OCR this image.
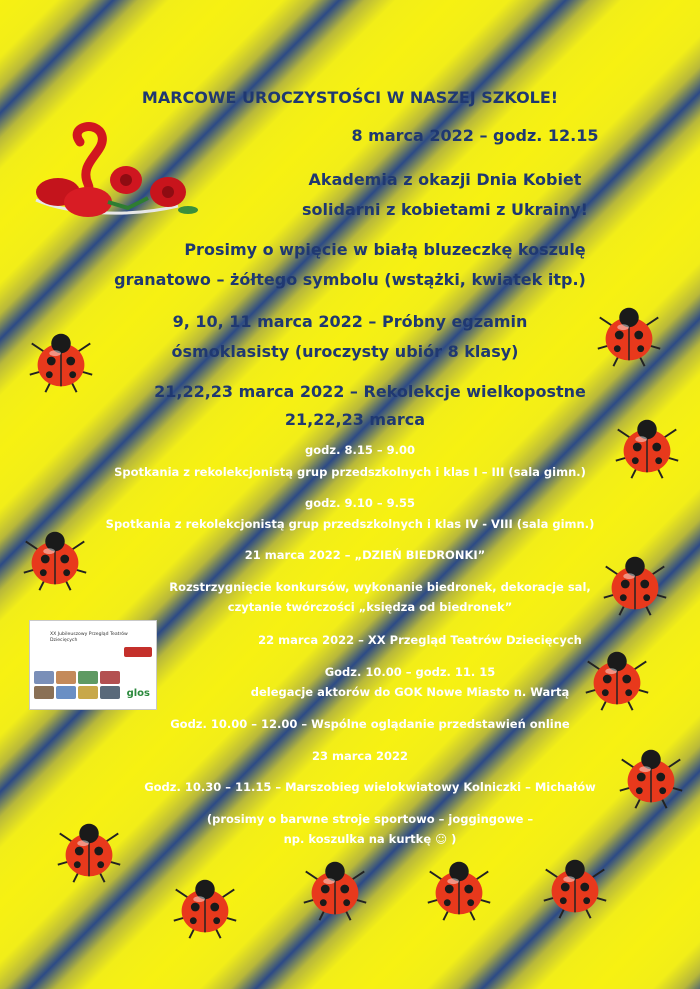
MARCOWE UROCZYSTOŚCI W NASZEJ SZKOLE!
8 marca 2022 – godz. 12.15
Akademia z okazji Dnia Kobiet
solidarni z kobietami z Ukrainy!
Prosimy o wpięcie w białą bluzeczkę koszulę
granatowo – żółtego symbolu (wstążki, kwiatek itp.)
9, 10, 11 marca 2022 – Próbny egzamin
ósmoklasisty (uroczysty ubiór 8 klasy)
21,22,23 marca 2022 – Rekolekcje wielkopostne
21,22,23 marca
godz. 8.15 – 9.00
Spotkania z rekolekcjonistą grup przedszkolnych i klas I – III (sala gimn.)
godz. 9.10 – 9.55
Spotkania z rekolekcjonistą grup przedszkolnych i klas IV - VIII (sala gimn.)
21 marca 2022 – „DZIEŃ BIEDRONKI”
Rozstrzygnięcie konkursów, wykonanie biedronek, dekoracje sal,
czytanie twórczości „księdza od biedronek”
22 marca 2022 – XX Przegląd Teatrów Dziecięcych
Godz. 10.00 – godz. 11. 15
delegacje aktorów do GOK Nowe Miasto n. Wartą
Godz. 10.00 – 12.00 – Wspólne oglądanie przedstawień online
23 marca 2022
Godz. 10.30 – 11.15 – Marszobieg wielokwiatowy Kolniczki – Michałów
(prosimy o barwne stroje sportowo – joggingowe –
np. koszulka na kurtkę ☺ )
XX Jubileuszowy Przegląd Teatrów Dziecięcych
glos
